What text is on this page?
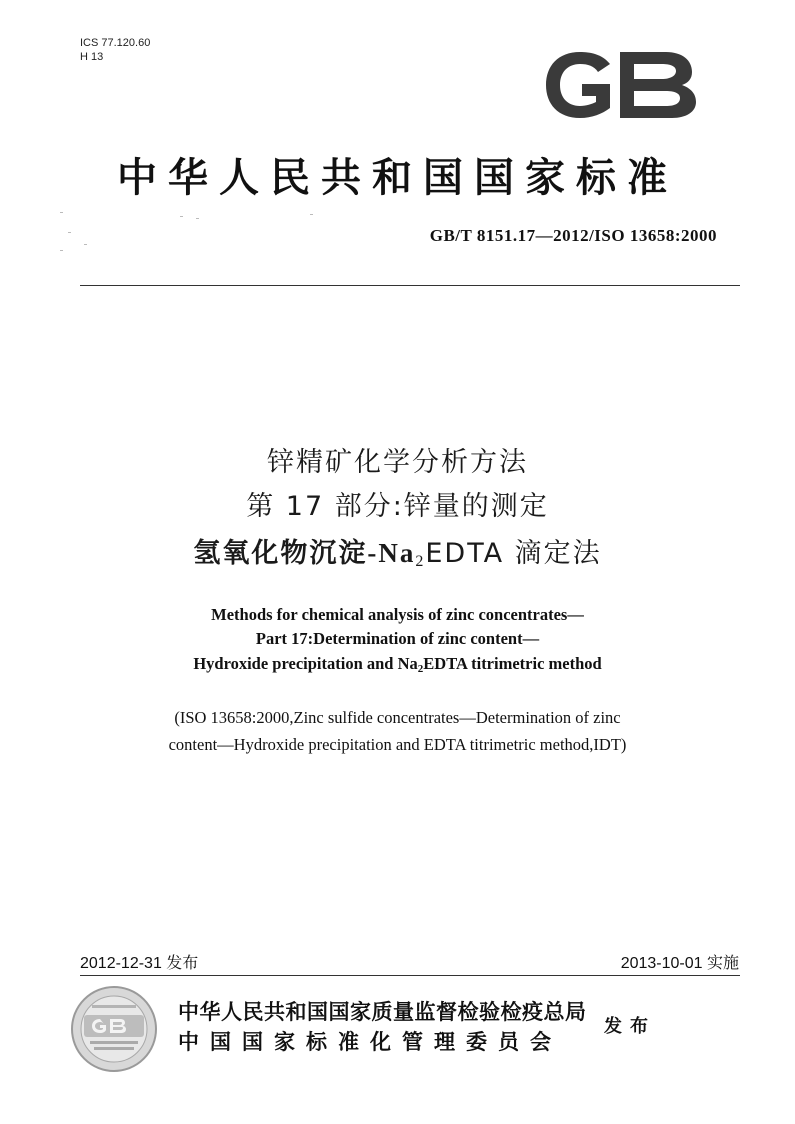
ICS 77.120.60
H 13
中华人民共和国国家标准
GB/T 8151.17—2012/ISO 13658:2000
锌精矿化学分析方法
第 17 部分:锌量的测定
氢氧化物沉淀$-Na_2EDTA$ 滴定法
Methods for chemical analysis of zinc concentrates—
Part 17:Determination of zinc content—
Hydroxide precipitation and $Na_2EDTA$ titrimetric method
(ISO 13658:2000,Zinc sulfide concentrates—Determination of zinc
content—Hydroxide precipitation and EDTA titrimetric method,IDT)
2012-12-31 发布	2013-10-01 实施
中华人民共和国国家质量监督检验检疫总局
中国国家标准化管理委员会
发布
